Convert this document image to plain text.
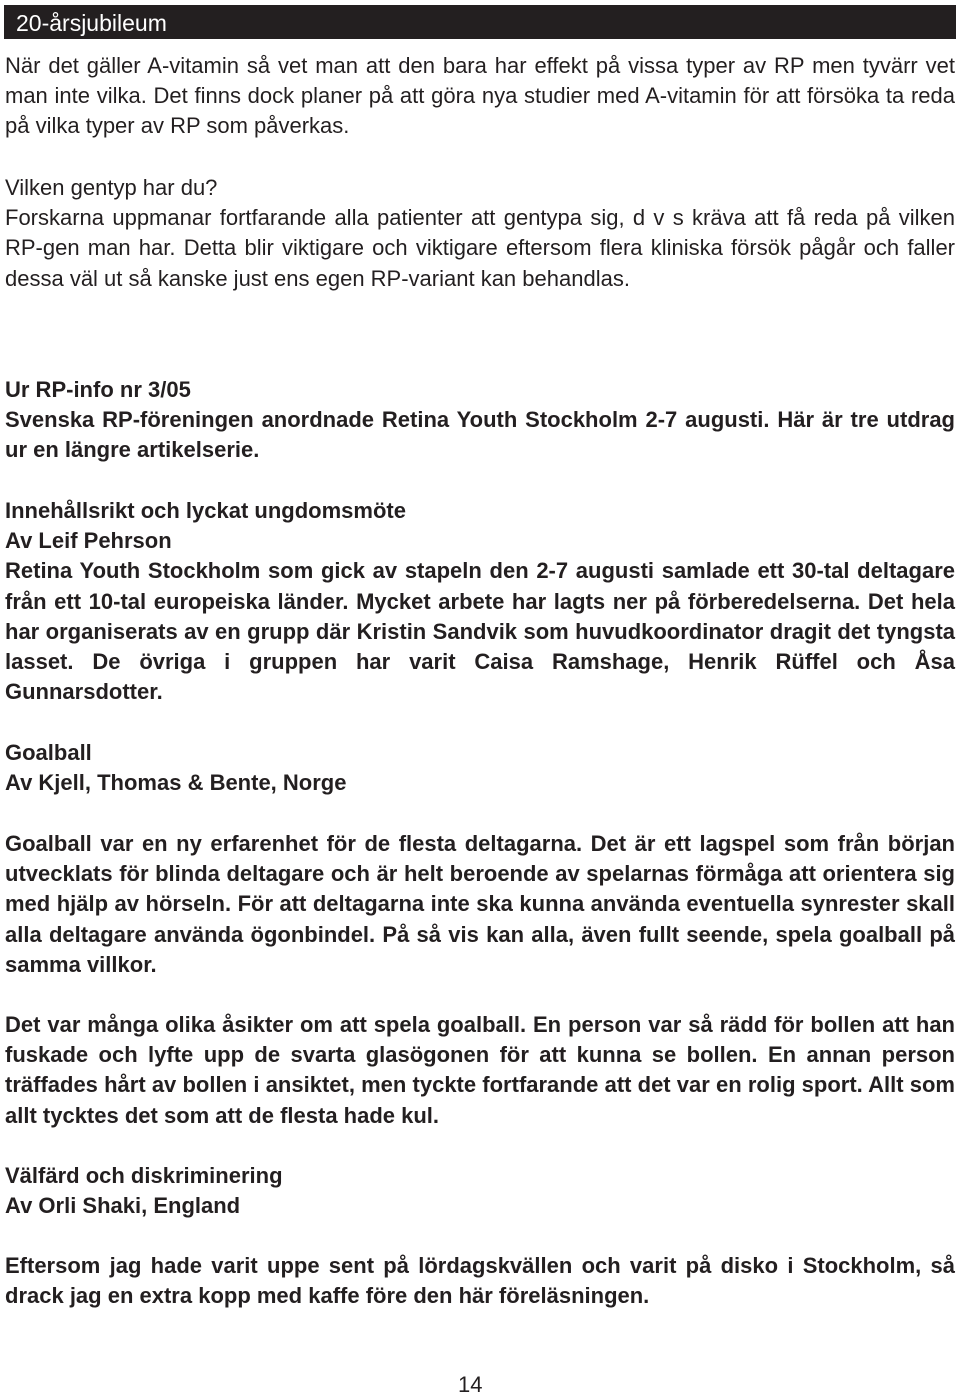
20-årsjubileum

När det gäller A-vitamin så vet man att den bara har effekt på vissa typer av RP men tyvärr vet man inte vilka. Det finns dock planer på att göra nya studier med A-vitamin för att försöka ta reda på vilka typer av RP som påverkas.

Vilken gentyp har du?
Forskarna uppmanar fortfarande alla patienter att gentypa sig, d v s kräva att få reda på vilken RP-gen man har. Detta blir viktigare och viktigare eftersom flera kliniska försök pågår och faller dessa väl ut så kanske just ens egen RP-variant kan behandlas.
Ur RP-info nr 3/05
Svenska RP-föreningen anordnade Retina Youth Stockholm 2-7 augusti. Här är tre utdrag ur en längre artikelserie.
Innehållsrikt och lyckat ungdomsmöte
Av Leif Pehrson
Retina Youth Stockholm som gick av stapeln den 2-7 augusti samlade ett 30-tal deltagare från ett 10-tal europeiska länder. Mycket arbete har lagts ner på förberedelserna. Det hela har organiserats av en grupp där Kristin Sandvik som huvudkoordinator dragit det tyngsta lasset. De övriga i gruppen har varit Caisa Ramshage, Henrik Rüffel och Åsa Gunnarsdotter.
Goalball
Av Kjell, Thomas & Bente, Norge

Goalball var en ny erfarenhet för de flesta deltagarna. Det är ett lagspel som från början utvecklats för blinda deltagare och är helt beroende av spelarnas förmåga att orientera sig med hjälp av hörseln. För att deltagarna inte ska kunna använda eventuella synrester skall alla deltagare använda ögonbindel. På så vis kan alla, även fullt seende, spela goalball på samma villkor.

Det var många olika åsikter om att spela goalball. En person var så rädd för bollen att han fuskade och lyfte upp de svarta glasögonen för att kunna se bollen. En annan person träffades hårt av bollen i ansiktet, men tyckte fortfarande att det var en rolig sport. Allt som allt tycktes det som att de flesta hade kul.

Välfärd och diskriminering
Av Orli Shaki, England

Eftersom jag hade varit uppe sent på lördagskvällen och varit på disko i Stockholm, så drack jag en extra kopp med kaffe före den här föreläsningen.

14
